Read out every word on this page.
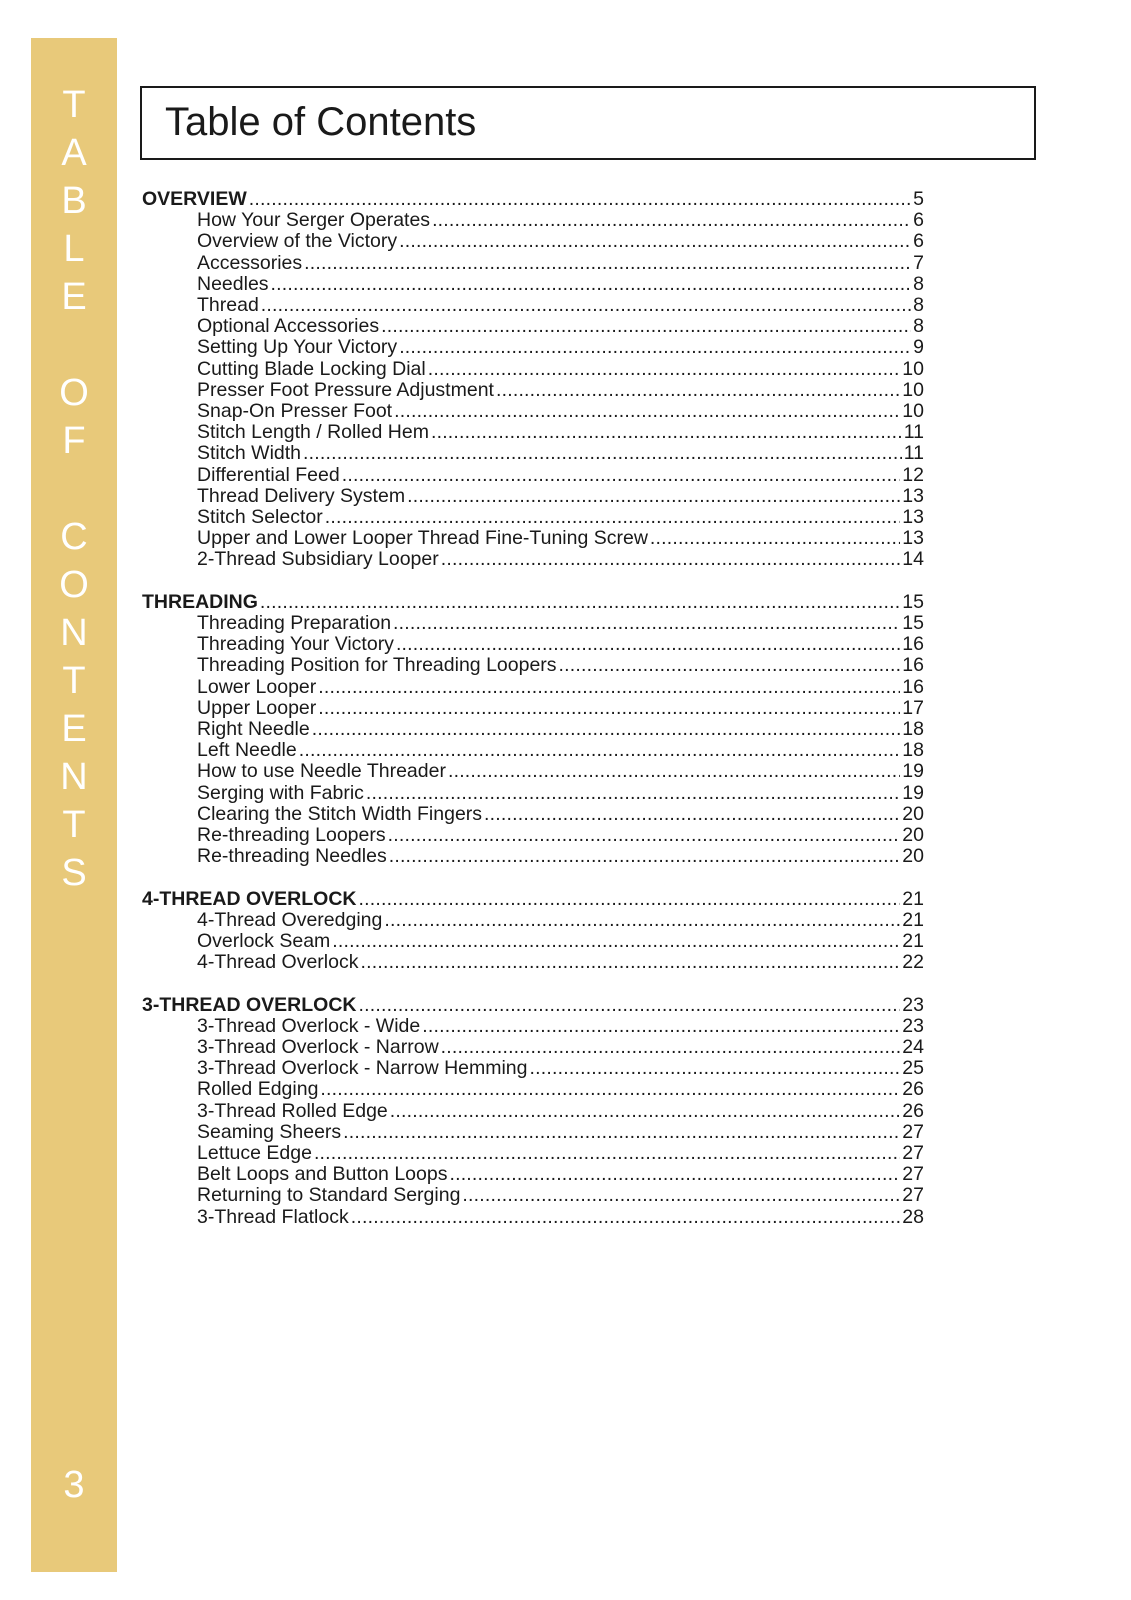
T
A
B
L
E
O
F
C
O
N
T
E
N
T
S
3
Table of Contents
OVERVIEW .....	5
How Your Serger Operates .....	6
Overview of the Victory .....	6
Accessories .....	7
Needles .....	8
Thread .....	8
Optional Accessories .....	8
Setting Up Your Victory .....	9
Cutting Blade Locking Dial .....	10
Presser Foot Pressure Adjustment .....	10
Snap-On Presser Foot .....	10
Stitch Length / Rolled Hem .....	11
Stitch Width .....	11
Differential Feed .....	12
Thread Delivery System .....	13
Stitch Selector .....	13
Upper and Lower Looper Thread Fine-Tuning Screw .....	13
2-Thread Subsidiary Looper .....	14
THREADING .....	15
Threading Preparation .....	15
Threading Your Victory .....	16
Threading Position for Threading Loopers .....	16
Lower Looper .....	16
Upper Looper .....	17
Right Needle .....	18
Left Needle .....	18
How to use Needle Threader .....	19
Serging with Fabric .....	19
Clearing the Stitch Width Fingers .....	20
Re-threading Loopers .....	20
Re-threading Needles .....	20
4-THREAD OVERLOCK .....	21
4-Thread Overedging .....	21
Overlock Seam .....	21
4-Thread Overlock .....	22
3-THREAD OVERLOCK .....	23
3-Thread Overlock - Wide .....	23
3-Thread Overlock - Narrow .....	24
3-Thread Overlock - Narrow Hemming .....	25
Rolled Edging .....	26
3-Thread Rolled Edge .....	26
Seaming Sheers .....	27
Lettuce Edge .....	27
Belt Loops and Button Loops .....	27
Returning to Standard Serging .....	27
3-Thread Flatlock .....	28
